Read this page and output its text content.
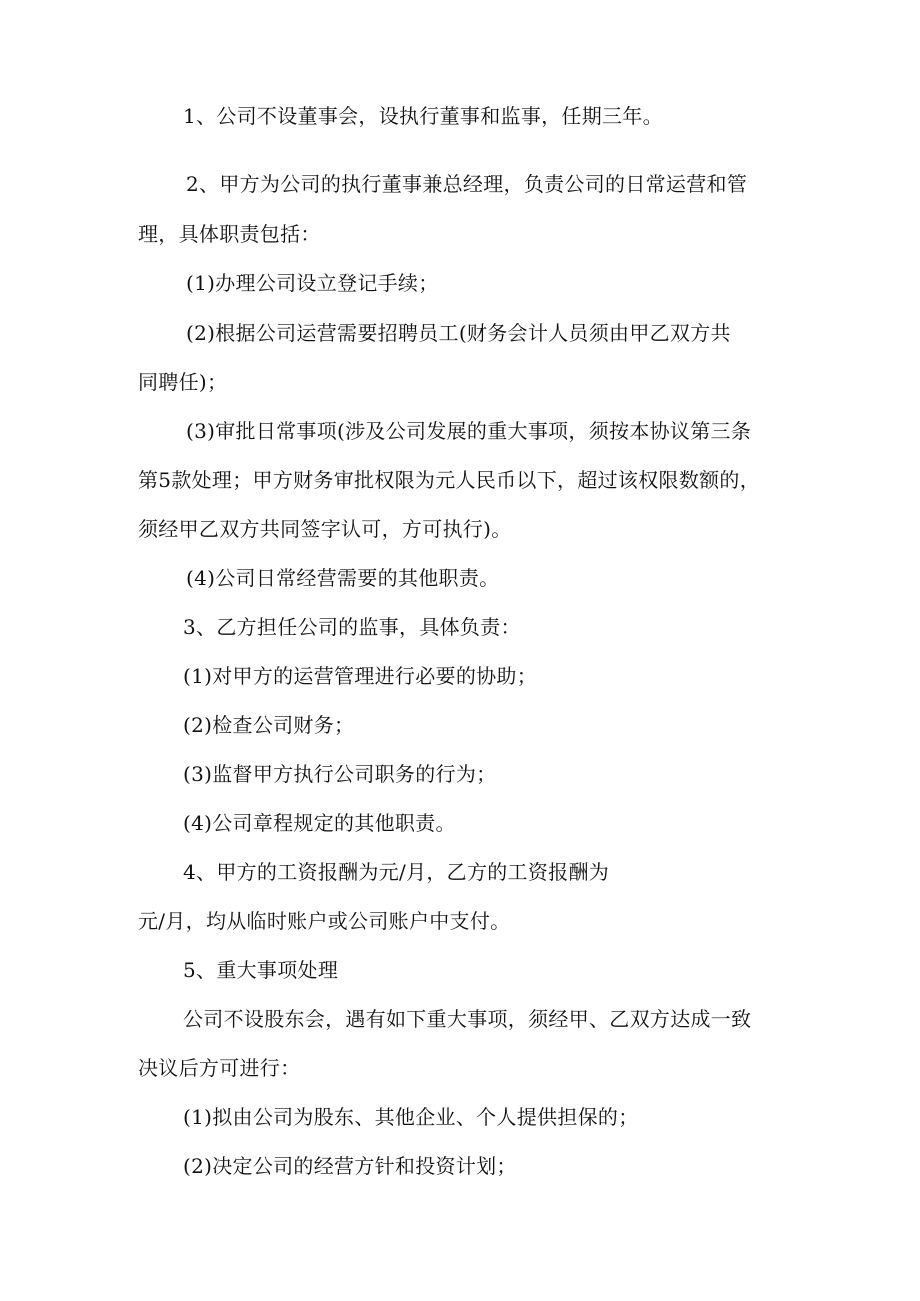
1、公司不设董事会，设执行董事和监事，任期三年。
2、甲方为公司的执行董事兼总经理，负责公司的日常运营和管
理，具体职责包括：
(1)办理公司设立登记手续；
(2)根据公司运营需要招聘员工(财务会计人员须由甲乙双方共
同聘任)；
(3)审批日常事项(涉及公司发展的重大事项，须按本协议第三条
第5款处理；甲方财务审批权限为元人民币以下，超过该权限数额的，
须经甲乙双方共同签字认可，方可执行)。
(4)公司日常经营需要的其他职责。
3、乙方担任公司的监事，具体负责：
(1)对甲方的运营管理进行必要的协助；
(2)检查公司财务；
(3)监督甲方执行公司职务的行为；
(4)公司章程规定的其他职责。
4、甲方的工资报酬为元/月，乙方的工资报酬为
元/月，均从临时账户或公司账户中支付。
5、重大事项处理
公司不设股东会，遇有如下重大事项，须经甲、乙双方达成一致
决议后方可进行：
(1)拟由公司为股东、其他企业、个人提供担保的；
(2)决定公司的经营方针和投资计划；
